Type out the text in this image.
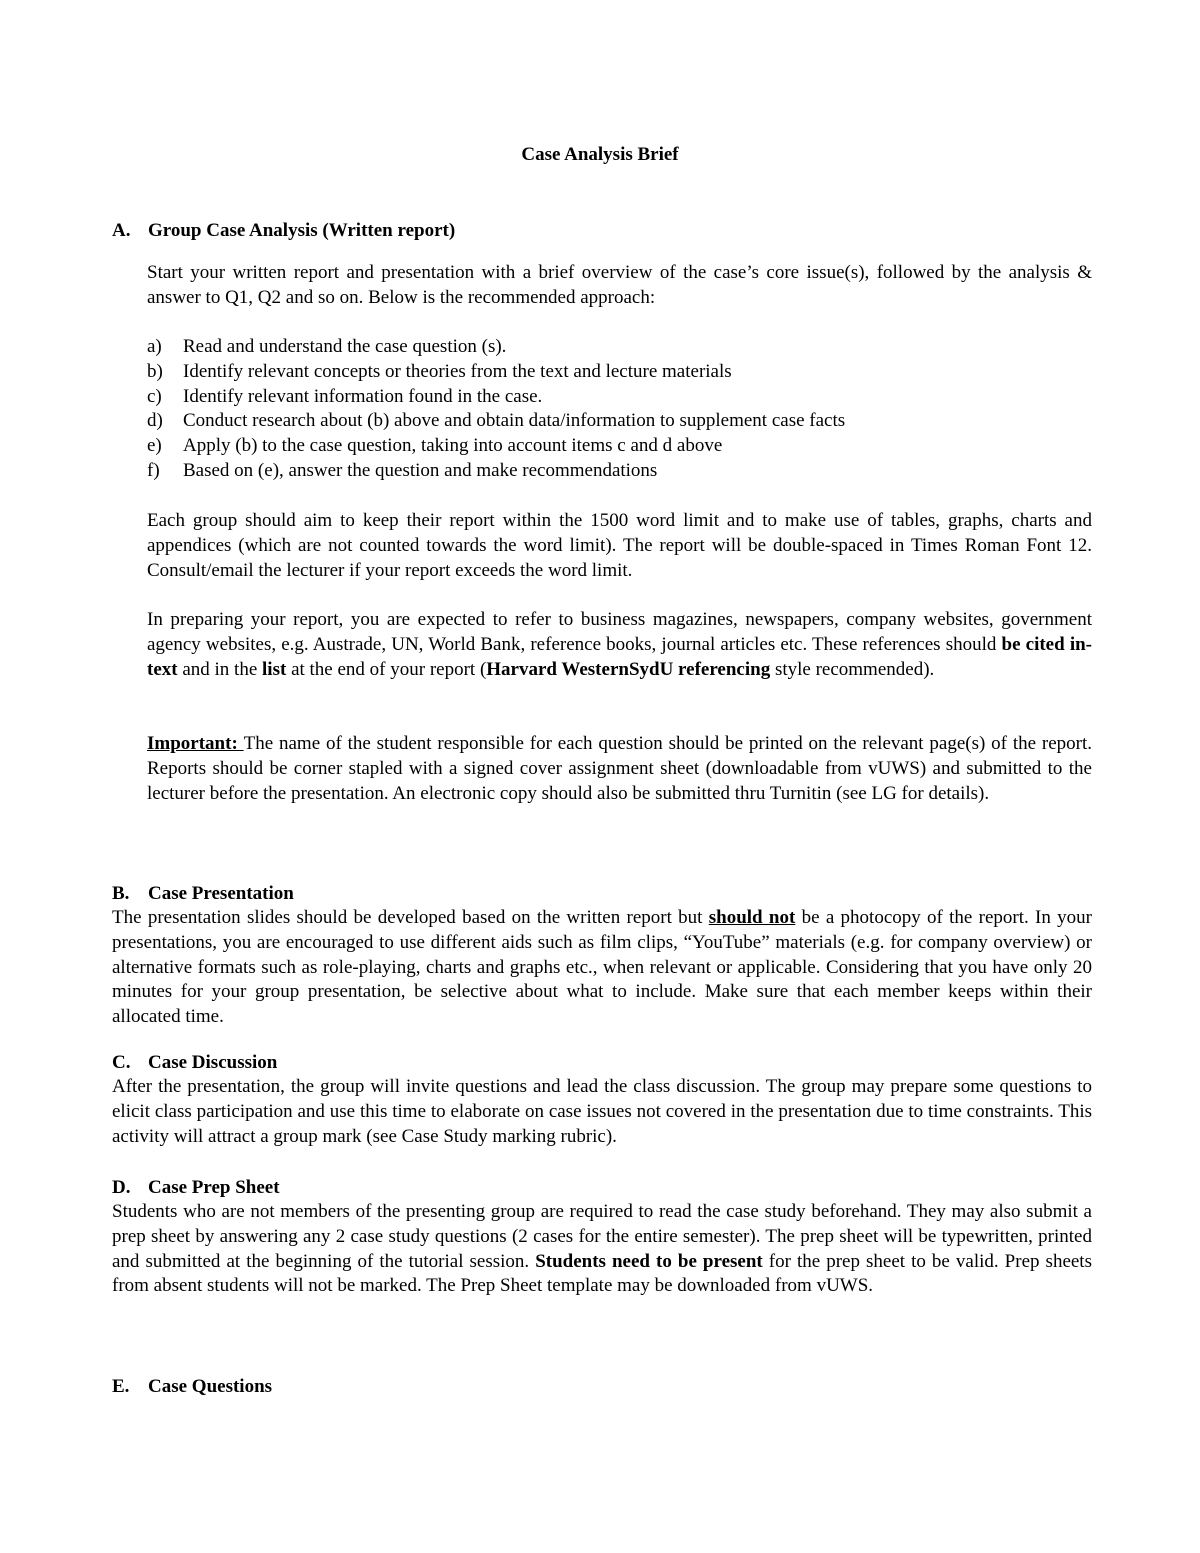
Case Analysis Brief
A. Group Case Analysis (Written report)
Start your written report and presentation with a brief overview of the case’s core issue(s), followed by the analysis & answer to Q1, Q2 and so on. Below is the recommended approach:
a)	Read and understand the case question (s).
b)	Identify relevant concepts or theories from the text and lecture materials
c)	Identify relevant information found in the case.
d)	Conduct research about (b) above and obtain data/information to supplement case facts
e)	Apply (b) to the case question, taking into account items c and d above
f)	Based on (e), answer the question and make recommendations
Each group should aim to keep their report within the 1500 word limit and to make use of tables, graphs, charts and appendices (which are not counted towards the word limit). The report will be double-spaced in Times Roman Font 12. Consult/email the lecturer if your report exceeds the word limit.
In preparing your report, you are expected to refer to business magazines, newspapers, company websites, government agency websites, e.g. Austrade, UN, World Bank, reference books, journal articles etc. These references should be cited in-text and in the list at the end of your report (Harvard WesternSydU referencing style recommended).
Important: The name of the student responsible for each question should be printed on the relevant page(s) of the report. Reports should be corner stapled with a signed cover assignment sheet (downloadable from vUWS) and submitted to the lecturer before the presentation. An electronic copy should also be submitted thru Turnitin (see LG for details).
B. Case Presentation
The presentation slides should be developed based on the written report but should not be a photocopy of the report. In your presentations, you are encouraged to use different aids such as film clips, “YouTube” materials (e.g. for company overview) or alternative formats such as role-playing, charts and graphs etc., when relevant or applicable. Considering that you have only 20 minutes for your group presentation, be selective about what to include. Make sure that each member keeps within their allocated time.
C. Case Discussion
After the presentation, the group will invite questions and lead the class discussion. The group may prepare some questions to elicit class participation and use this time to elaborate on case issues not covered in the presentation due to time constraints. This activity will attract a group mark (see Case Study marking rubric).
D. Case Prep Sheet
Students who are not members of the presenting group are required to read the case study beforehand. They may also submit a prep sheet by answering any 2 case study questions (2 cases for the entire semester). The prep sheet will be typewritten, printed and submitted at the beginning of the tutorial session. Students need to be present for the prep sheet to be valid. Prep sheets from absent students will not be marked. The Prep Sheet template may be downloaded from vUWS.
E. Case Questions
